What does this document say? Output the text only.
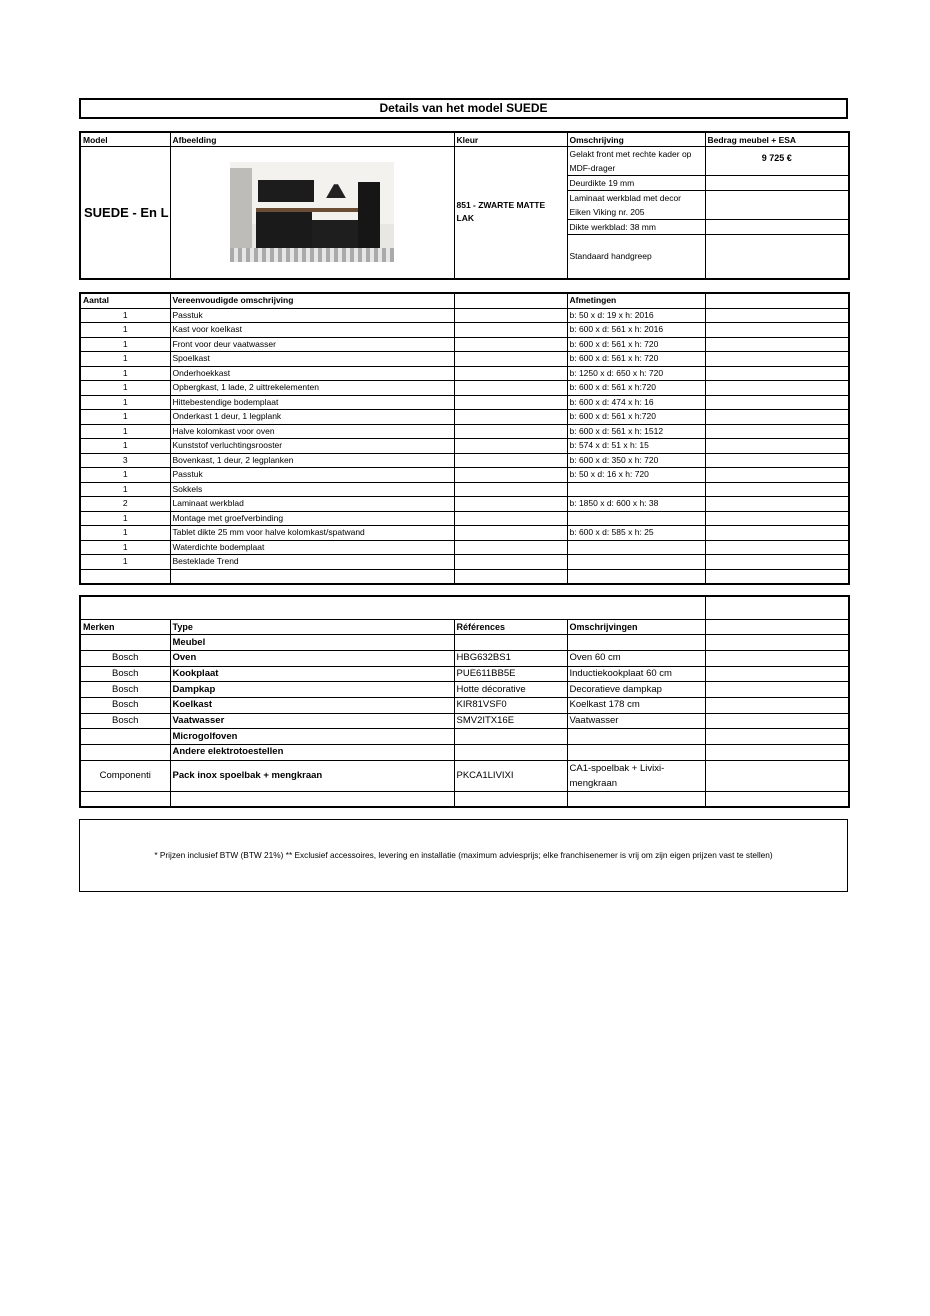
Details van het model SUEDE
Model	Afbeelding	Kleur	Omschrijving	Bedrag meubel + ESA
SUEDE - En L		851 - ZWARTE MATTE LAK	Gelakt front met rechte kader op MDF-drager	9 725 €
			Deurdikte 19 mm	
			Laminaat werkblad met decor Eiken Viking nr. 205	
			Dikte werkblad: 38 mm	
			Standaard handgreep	
Aantal	Vereenvoudigde omschrijving		Afmetingen	
1	Passtuk		b: 50 x d: 19 x h: 2016	
1	Kast voor koelkast		b: 600 x d: 561 x h: 2016	
1	Front voor deur vaatwasser		b: 600 x d: 561 x h: 720	
1	Spoelkast		b: 600 x d: 561 x h: 720	
1	Onderhoekkast		b: 1250 x d: 650 x h: 720	
1	Opbergkast, 1 lade, 2 uittrekelementen		b: 600 x d: 561 x h:720	
1	Hittebestendige bodemplaat		b: 600 x d: 474 x h: 16	
1	Onderkast 1 deur, 1 legplank		b: 600 x d: 561 x h:720	
1	Halve kolomkast voor oven		b: 600 x d: 561 x h: 1512	
1	Kunststof verluchtingsrooster		b: 574 x d: 51 x h: 15	
3	Bovenkast, 1 deur, 2 legplanken		b: 600 x d: 350 x h: 720	
1	Passtuk		b: 50 x d: 16 x h: 720	
1	Sokkels			
2	Laminaat werkblad		b: 1850 x d: 600 x h: 38	
1	Montage met groefverbinding			
1	Tablet dikte 25 mm voor halve kolomkast/spatwand		b: 600 x d: 585 x h: 25	
1	Waterdichte bodemplaat			
1	Besteklade Trend			

Merken	Type	Références	Omschrijvingen	
	Meubel			
Bosch	Oven	HBG632BS1	Oven 60 cm	
Bosch	Kookplaat	PUE611BB5E	Inductiekookplaat 60 cm	
Bosch	Dampkap	Hotte décorative	Decoratieve dampkap	
Bosch	Koelkast	KIR81VSF0	Koelkast 178 cm	
Bosch	Vaatwasser	SMV2ITX16E	Vaatwasser	
	Microgolfoven			
	Andere elektrotoestellen			
Componenti	Pack inox spoelbak + mengkraan	PKCA1LIVIXI	CA1-spoelbak + Livixi-mengkraan	

* Prijzen inclusief BTW (BTW 21%) ** Exclusief accessoires, levering en installatie (maximum adviesprijs; elke franchisenemer is vrij om zijn eigen prijzen vast te stellen)
